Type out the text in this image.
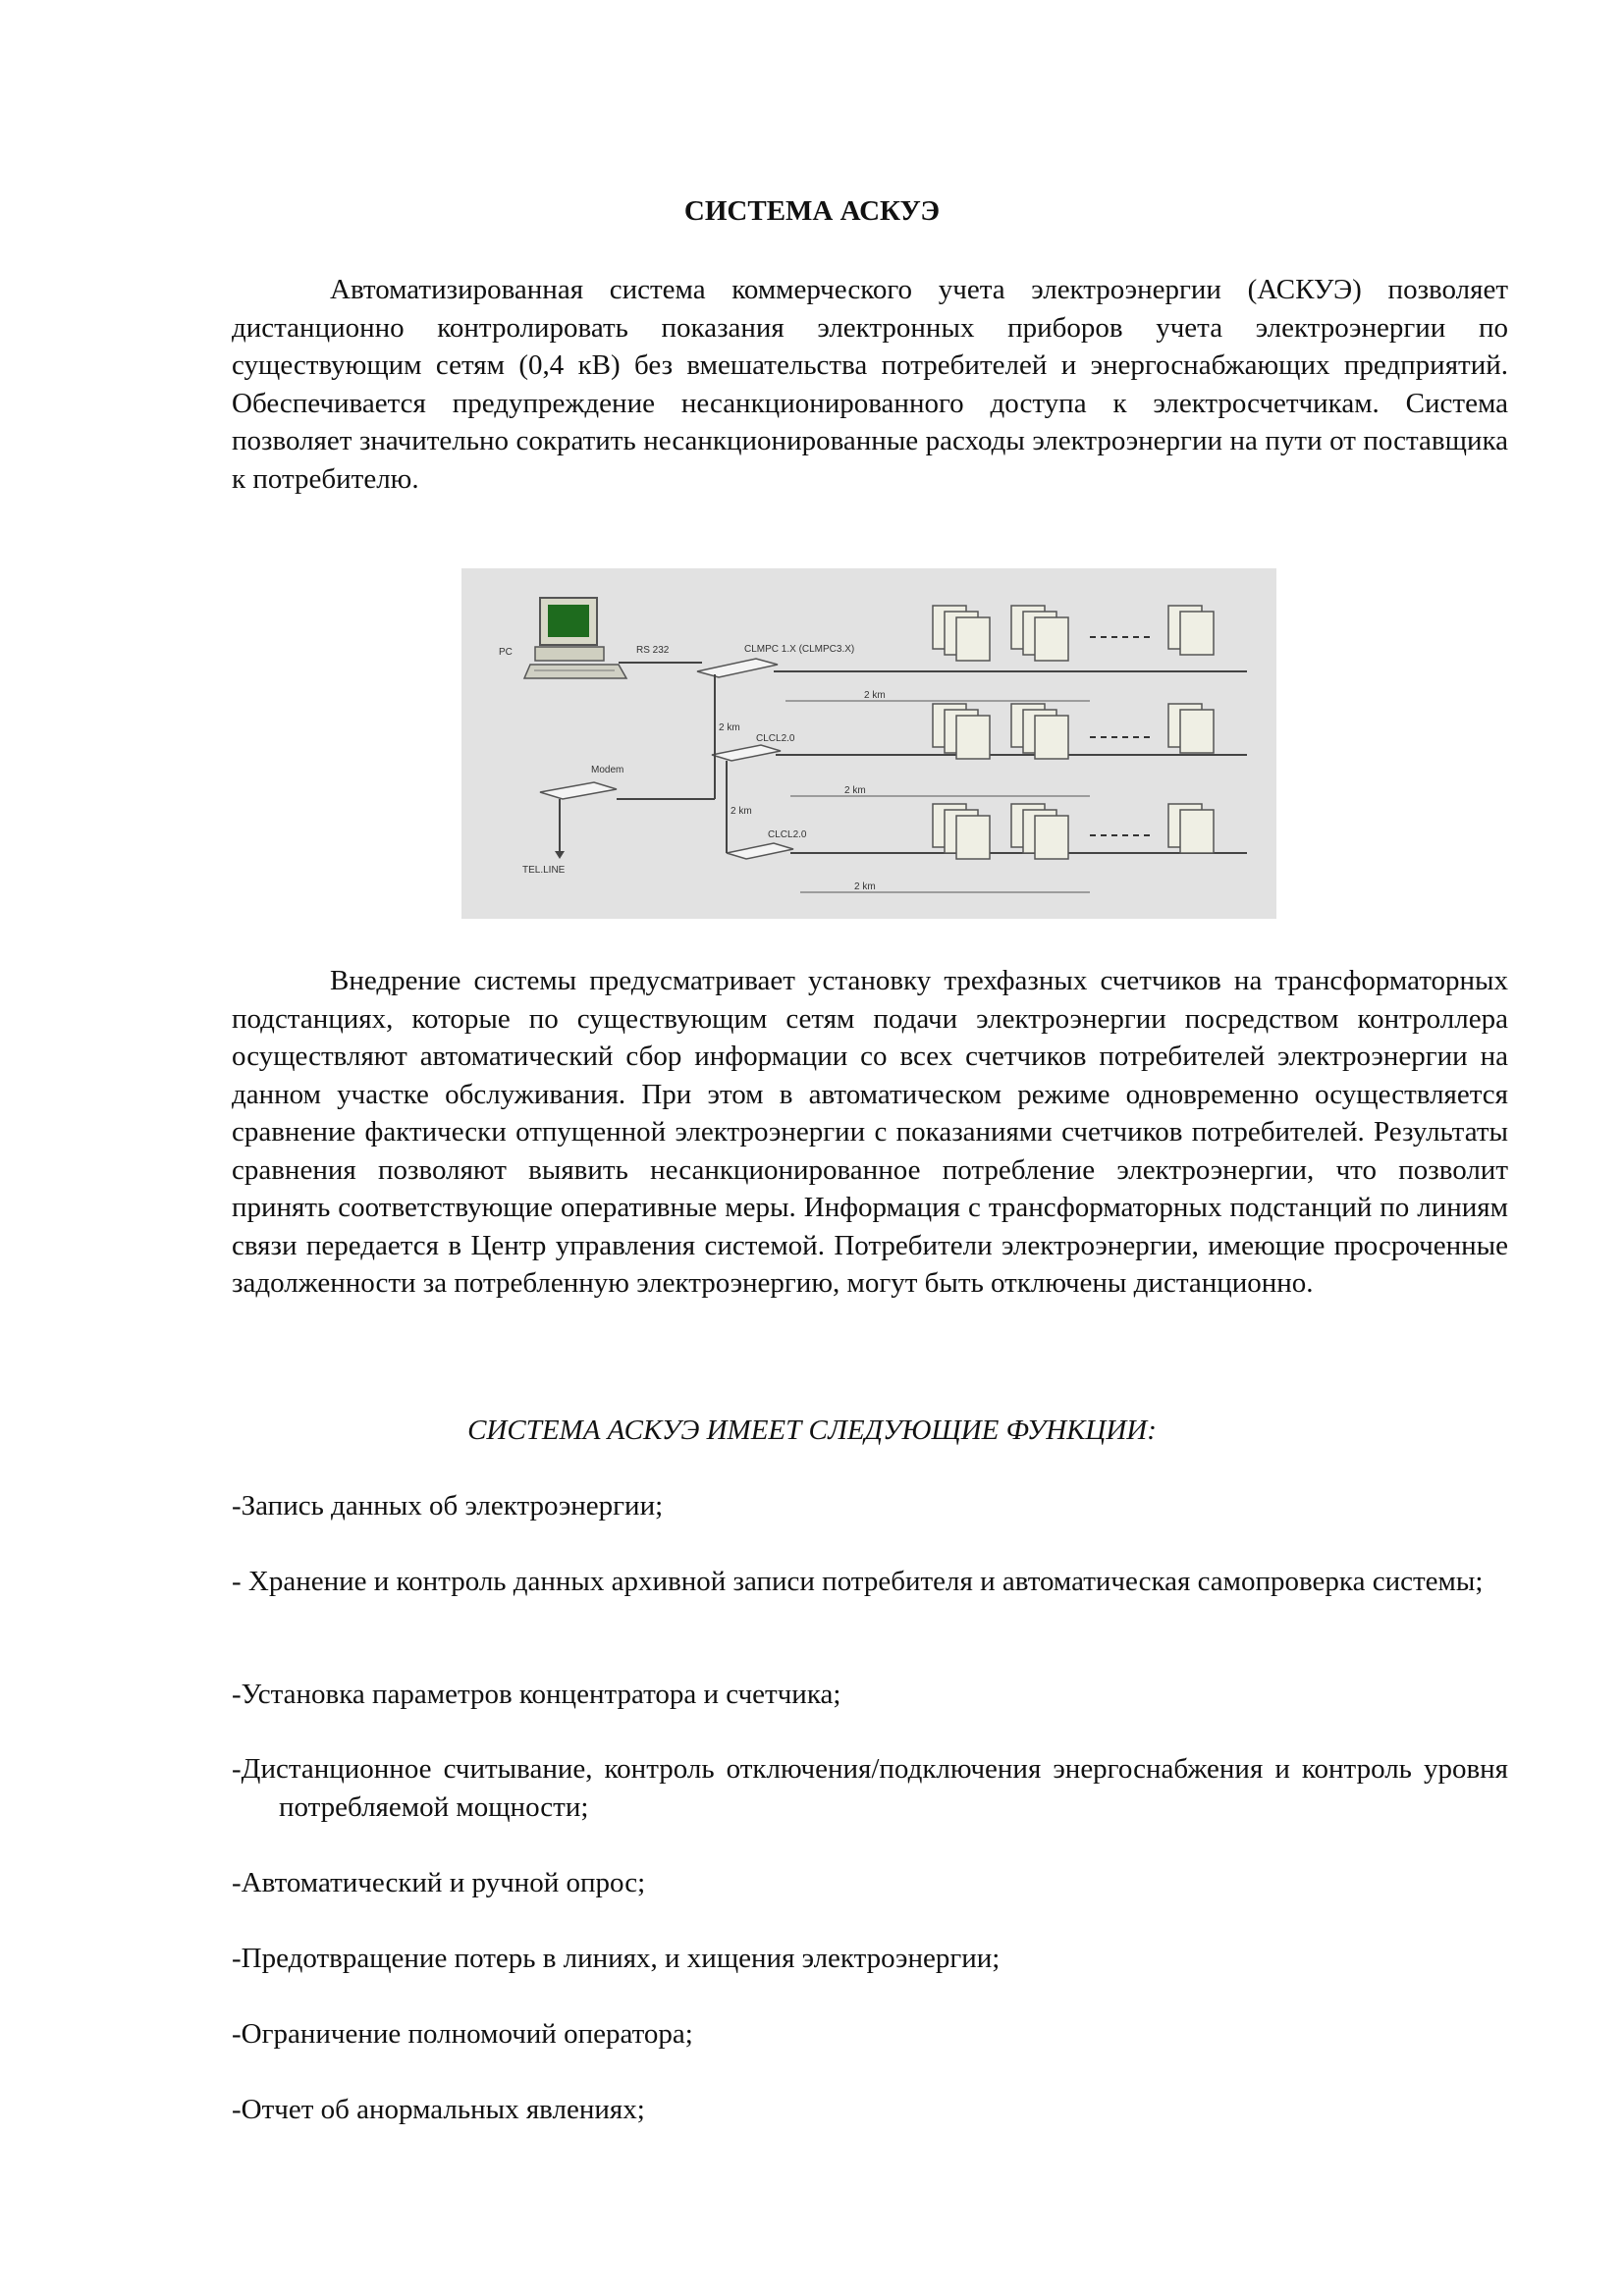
СИСТЕМА АСКУЭ

Автоматизированная система коммерческого учета электроэнергии (АСКУЭ) позволяет дистанционно контролировать показания электронных приборов учета электроэнергии по существующим сетям (0,4 кВ) без вмешательства потребителей и энергоснабжающих предприятий. Обеспечивается предупреждение несанкционированного доступа к электросчетчикам. Система позволяет значительно сократить несанкционированные расходы электроэнергии на пути от поставщика к потребителю.

PC	RS 232	CLMPC 1.X (CLMPC3.X)
CLCL2.0
CLCL2.0
Modem
TEL.LINE
2 km
2 km
2 km
2 km
2 km

Внедрение системы предусматривает установку трехфазных счетчиков на трансформаторных подстанциях, которые по существующим сетям подачи электроэнергии посредством контроллера осуществляют автоматический сбор информации со всех счетчиков потребителей электроэнергии на данном участке обслуживания. При этом в автоматическом режиме одновременно осуществляется сравнение фактически отпущенной электроэнергии с показаниями счетчиков потребителей. Результаты сравнения позволяют выявить несанкционированное потребление электроэнергии, что позволит принять соответствующие оперативные меры. Информация с трансформаторных подстанций по линиям связи передается в Центр управления системой. Потребители электроэнергии, имеющие просроченные задолженности за потребленную электроэнергию, могут быть отключены дистанционно.

СИСТЕМА АСКУЭ ИМЕЕТ СЛЕДУЮЩИЕ ФУНКЦИИ:

-Запись данных об электроэнергии;

- Хранение и контроль данных архивной записи потребителя и автоматическая самопроверка системы;

-Установка параметров концентратора и счетчика;

-Дистанционное считывание, контроль отключения/подключения энергоснабжения и контроль уровня потребляемой мощности;

-Автоматический и ручной опрос;

-Предотвращение потерь в линиях, и хищения электроэнергии;

-Ограничение полномочий оператора;

-Отчет об анормальных явлениях;
